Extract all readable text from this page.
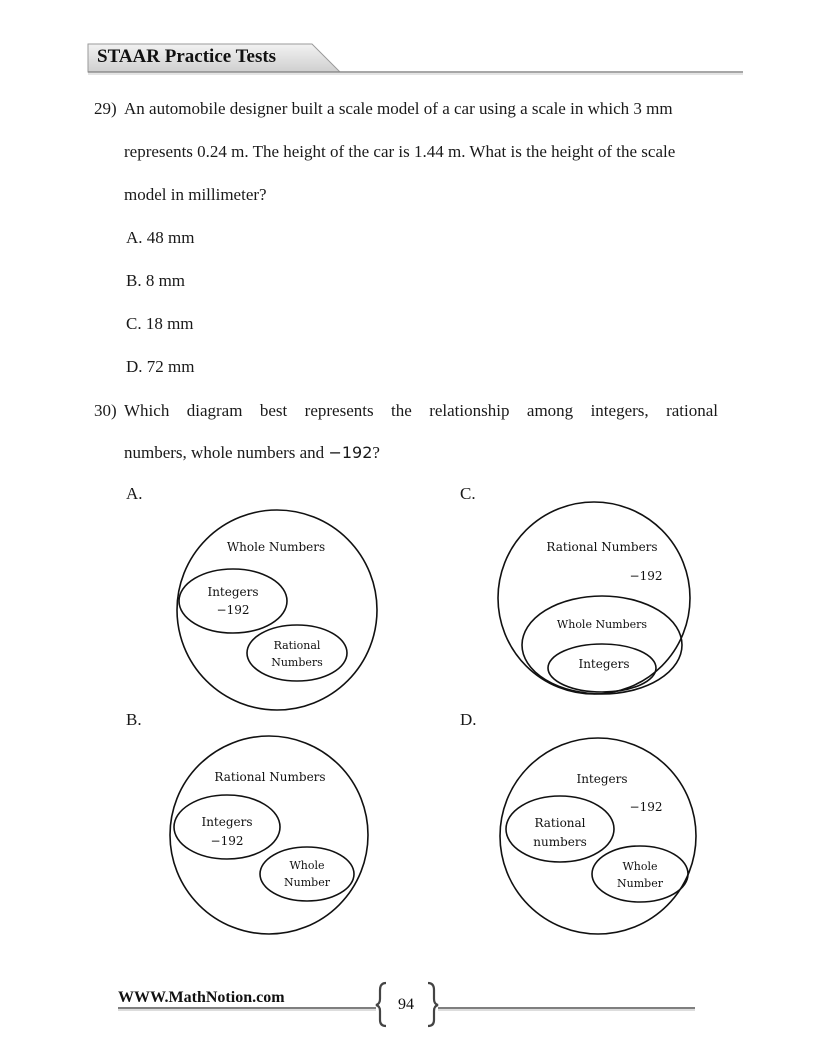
STAAR Practice Tests
29) An automobile designer built a scale model of a car using a scale in which 3 mm
represents 0.24 m. The height of the car is 1.44 m. What is the height of the scale
model in millimeter?
A. 48 mm
B. 8 mm
C. 18 mm
D. 72 mm
30) Which diagram best represents the relationship among integers, rational
numbers, whole numbers and −192?
A.	C.
B.	D.
Whole Numbers
Integers
−192
Rational
Numbers
Rational Numbers
−192
Whole Numbers
Integers
Rational Numbers
Integers
−192
Whole
Number
Integers
−192
Rational
numbers
Whole
Number
WWW.MathNotion.com	94
